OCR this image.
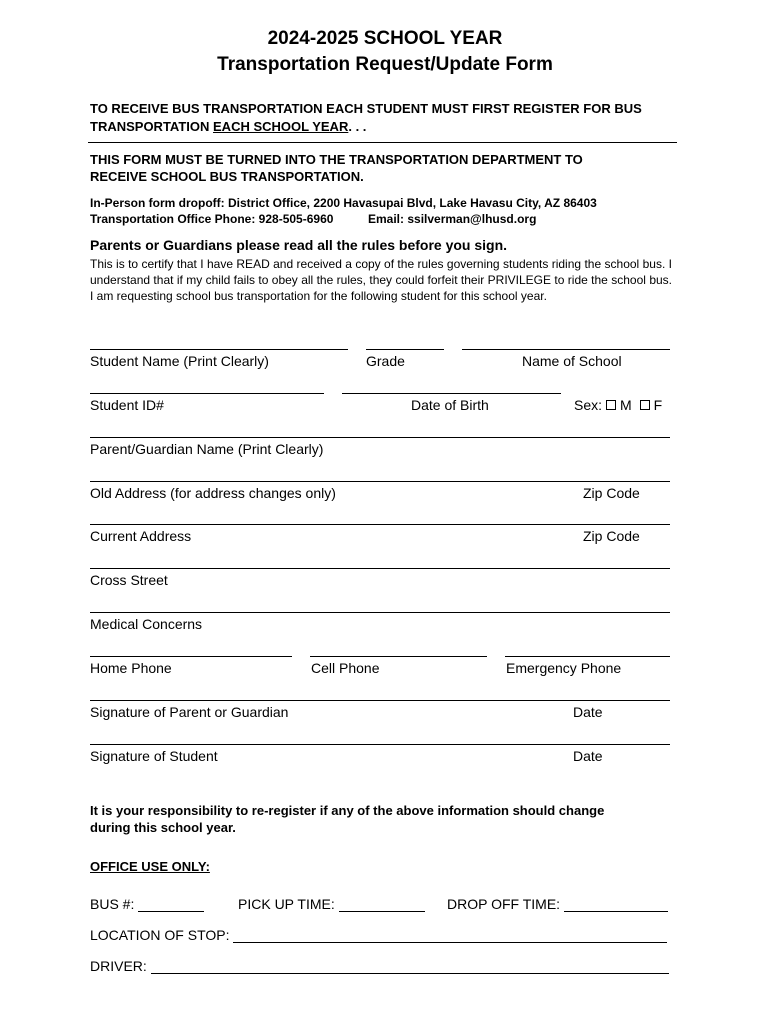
2024-2025 SCHOOL YEAR
Transportation Request/Update Form
TO RECEIVE BUS TRANSPORTATION EACH STUDENT MUST FIRST REGISTER FOR BUS
TRANSPORTATION EACH SCHOOL YEAR. . .
THIS FORM MUST BE TURNED INTO THE TRANSPORTATION DEPARTMENT TO
RECEIVE SCHOOL BUS TRANSPORTATION.
In-Person form dropoff: District Office, 2200 Havasupai Blvd, Lake Havasu City, AZ 86403
Transportation Office Phone: 928-505-6960	Email: ssilverman@lhusd.org
Parents or Guardians please read all the rules before you sign.
This is to certify that I have READ and received a copy of the rules governing students riding the school bus. I understand that if my child fails to obey all the rules, they could forfeit their PRIVILEGE to ride the school bus. I am requesting school bus transportation for the following student for this school year.
Student Name (Print Clearly)	Grade	Name of School
Student ID#	Date of Birth	Sex: M F
Parent/Guardian Name (Print Clearly)
Old Address (for address changes only)	Zip Code
Current Address	Zip Code
Cross Street
Medical Concerns
Home Phone	Cell Phone	Emergency Phone
Signature of Parent or Guardian	Date
Signature of Student	Date
It is your responsibility to re-register if any of the above information should change
during this school year.
OFFICE USE ONLY:
BUS #:	PICK UP TIME:	DROP OFF TIME:
LOCATION OF STOP:
DRIVER:
